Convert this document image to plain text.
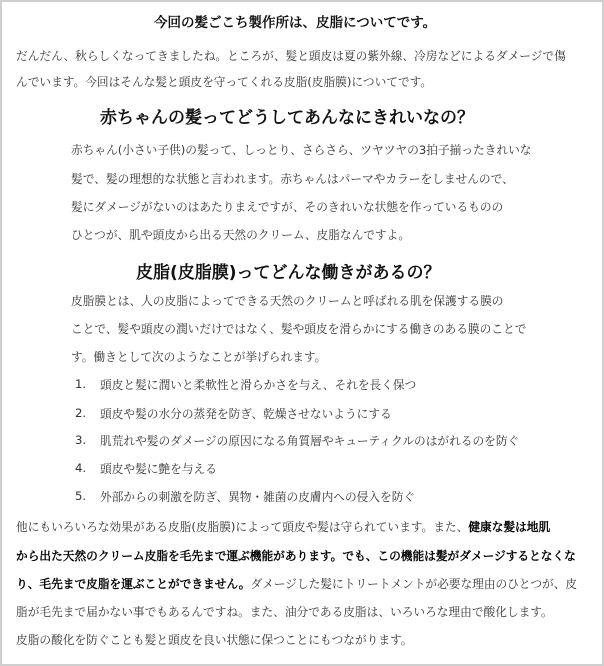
今回の髪ごこち製作所は、皮脂についてです。
だんだん、秋らしくなってきましたね。ところが、髪と頭皮は夏の紫外線、冷房などによるダメージで傷
んでいます。今回はそんな髪と頭皮を守ってくれる皮脂(皮脂膜)についてです。
赤ちゃんの髪ってどうしてあんなにきれいなの？
赤ちゃん(小さい子供)の髪って、しっとり、さらさら、ツヤツヤの3拍子揃ったきれいな
髪で、髪の理想的な状態と言われます。赤ちゃんはパーマやカラーをしませんので、
髪にダメージがないのはあたりまえですが、そのきれいな状態を作っているものの
ひとつが、肌や頭皮から出る天然のクリーム、皮脂なんですよ。
皮脂(皮脂膜)ってどんな働きがあるの？
皮脂膜とは、人の皮脂によってできる天然のクリームと呼ばれる肌を保護する膜の
ことで、髪や頭皮の潤いだけではなく、髪や頭皮を滑らかにする働きのある膜のことで
す。働きとして次のようなことが挙げられます。
1. 頭皮と髪に潤いと柔軟性と滑らかさを与え、それを長く保つ
2. 頭皮や髪の水分の蒸発を防ぎ、乾燥させないようにする
3. 肌荒れや髪のダメージの原因になる角質層やキューティクルのはがれるのを防ぐ
4. 頭皮や髪に艶を与える
5. 外部からの刺激を防ぎ、異物・雑菌の皮膚内への侵入を防ぐ
他にもいろいろな効果がある皮脂(皮脂膜)によって頭皮や髪は守られています。また、健康な髪は地肌
から出た天然のクリーム皮脂を毛先まで運ぶ機能があります。でも、この機能は髪がダメージするとなくな
り、毛先まで皮脂を運ぶことができません。ダメージした髪にトリートメントが必要な理由のひとつが、皮
脂が毛先まで届かない事でもあるんですね。また、油分である皮脂は、いろいろな理由で酸化します。
皮脂の酸化を防ぐことも髪と頭皮を良い状態に保つことにもつながります。
